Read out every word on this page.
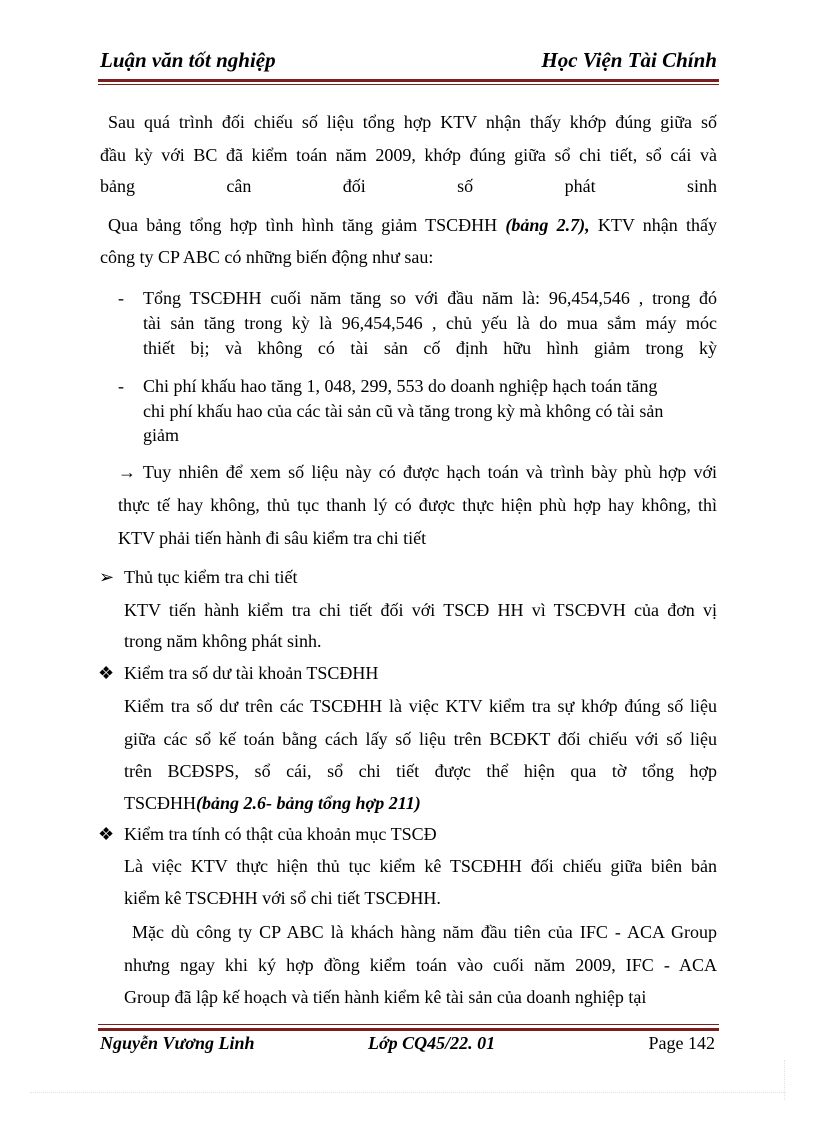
Luận văn tốt nghiệp	Học Viện Tài Chính
Sau quá trình đối chiếu số liệu tổng hợp KTV nhận thấy khớp đúng giữa số
đầu kỳ với BC đã kiểm toán năm 2009, khớp đúng giữa sổ chi tiết, sổ cái và
bảng cân đối số phát sinh
Qua bảng tổng hợp tình hình tăng giảm TSCĐHH (bảng 2.7), KTV nhận thấy
công ty CP ABC có những biến động như sau:
- Tổng TSCĐHH cuối năm tăng so với đầu năm là: 96,454,546 , trong đó
tài sản tăng trong kỳ là 96,454,546 , chủ yếu là do mua sắm máy móc
thiết bị; và không có tài sản cố định hữu hình giảm trong kỳ
- Chi phí khấu hao tăng 1, 048, 299, 553 do doanh nghiệp hạch toán tăng
chi phí khấu hao của các tài sản cũ và tăng trong kỳ mà không có tài sản
giảm
→ Tuy nhiên để xem số liệu này có được hạch toán và trình bày phù hợp với
thực tế hay không, thủ tục thanh lý có được thực hiện phù hợp hay không, thì
KTV phải tiến hành đi sâu kiểm tra chi tiết
➢ Thủ tục kiểm tra chi tiết
KTV tiến hành kiểm tra chi tiết đối với TSCĐ HH vì TSCĐVH của đơn vị
trong năm không phát sinh.
❖ Kiểm tra số dư tài khoản TSCĐHH
Kiểm tra số dư trên các TSCĐHH là việc KTV kiểm tra sự khớp đúng số liệu
giữa các sổ kế toán bằng cách lấy số liệu trên BCĐKT đối chiếu với số liệu
trên BCĐSPS, sổ cái, sổ chi tiết được thể hiện qua tờ tổng hợp
TSCĐHH(bảng 2.6- bảng tổng hợp 211)
❖ Kiểm tra tính có thật của khoản mục TSCĐ
Là việc KTV thực hiện thủ tục kiểm kê TSCĐHH đối chiếu giữa biên bản
kiểm kê TSCĐHH với sổ chi tiết TSCĐHH.
Mặc dù công ty CP ABC là khách hàng năm đầu tiên của IFC - ACA Group
nhưng ngay khi ký hợp đồng kiểm toán vào cuối năm 2009, IFC - ACA
Group đã lập kế hoạch và tiến hành kiểm kê tài sản của doanh nghiệp tại
Nguyễn Vương Linh	Lớp CQ45/22. 01	Page 142
